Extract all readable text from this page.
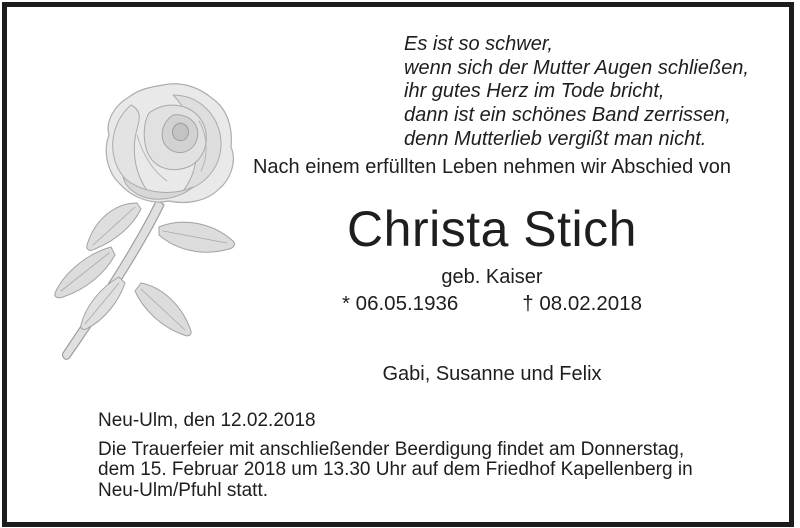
Es ist so schwer,
wenn sich der Mutter Augen schließen,
ihr gutes Herz im Tode bricht,
dann ist ein schönes Band zerrissen,
denn Mutterlieb vergißt man nicht.
Nach einem erfüllten Leben nehmen wir Abschied von
Christa Stich
geb. Kaiser
* 06.05.1936	† 08.02.2018
Gabi, Susanne und Felix
Neu-Ulm, den 12.02.2018
Die Trauerfeier mit anschließender Beerdigung findet am Donnerstag,
dem 15. Februar 2018 um 13.30 Uhr auf dem Friedhof Kapellenberg in
Neu-Ulm/Pfuhl statt.
